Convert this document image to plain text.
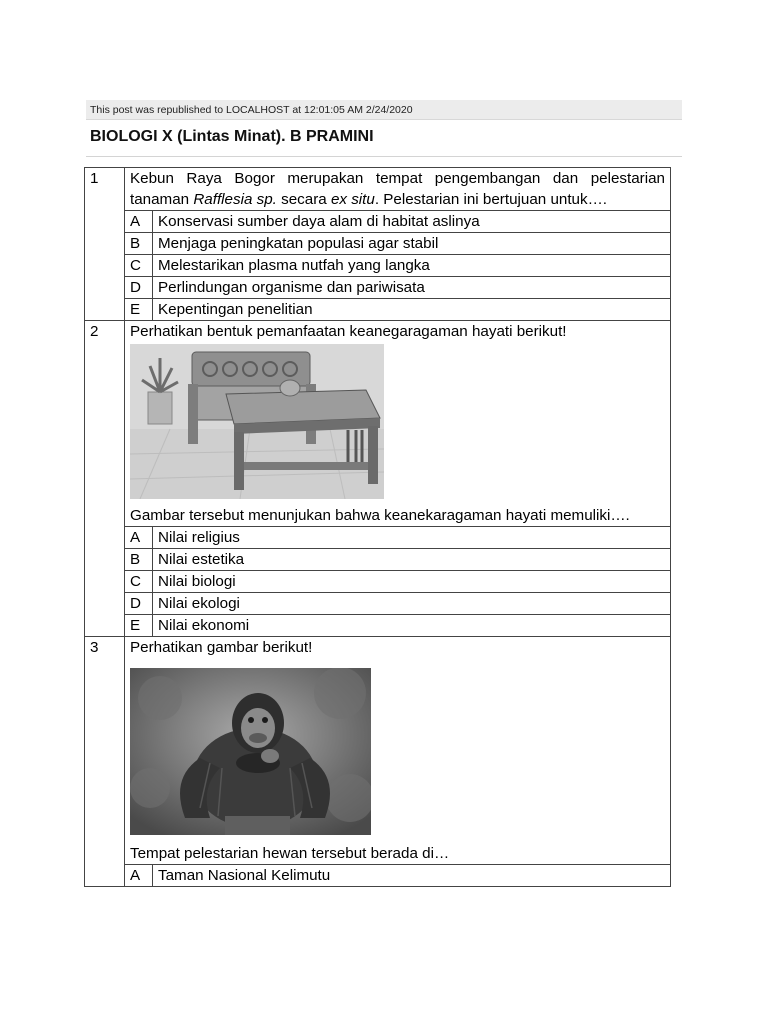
This post was republished to LOCALHOST at 12:01:05 AM 2/24/2020
BIOLOGI X (Lintas Minat). B PRAMINI
1	Kebun Raya Bogor merupakan tempat pengembangan dan pelestarian tanaman Rafflesia sp. secara ex situ. Pelestarian ini bertujuan untuk….	
	A	Konservasi sumber daya alam di habitat aslinya
	B	Menjaga peningkatan populasi agar stabil
	C	Melestarikan plasma nutfah yang langka
	D	Perlindungan organisme dan pariwisata
	E	Kepentingan penelitian
2	Perhatikan bentuk pemanfaatan keanegaragaman hayati berikut!
Gambar tersebut menunjukan bahwa keanekaragaman hayati memuliki….	

	A	Nilai religius
	B	Nilai estetika
	C	Nilai biologi
	D	Nilai ekologi
	E	Nilai ekonomi
3	Perhatikan gambar berikut!
Tempat pelestarian hewan tersebut berada di…	

	A	Taman Nasional Kelimutu
